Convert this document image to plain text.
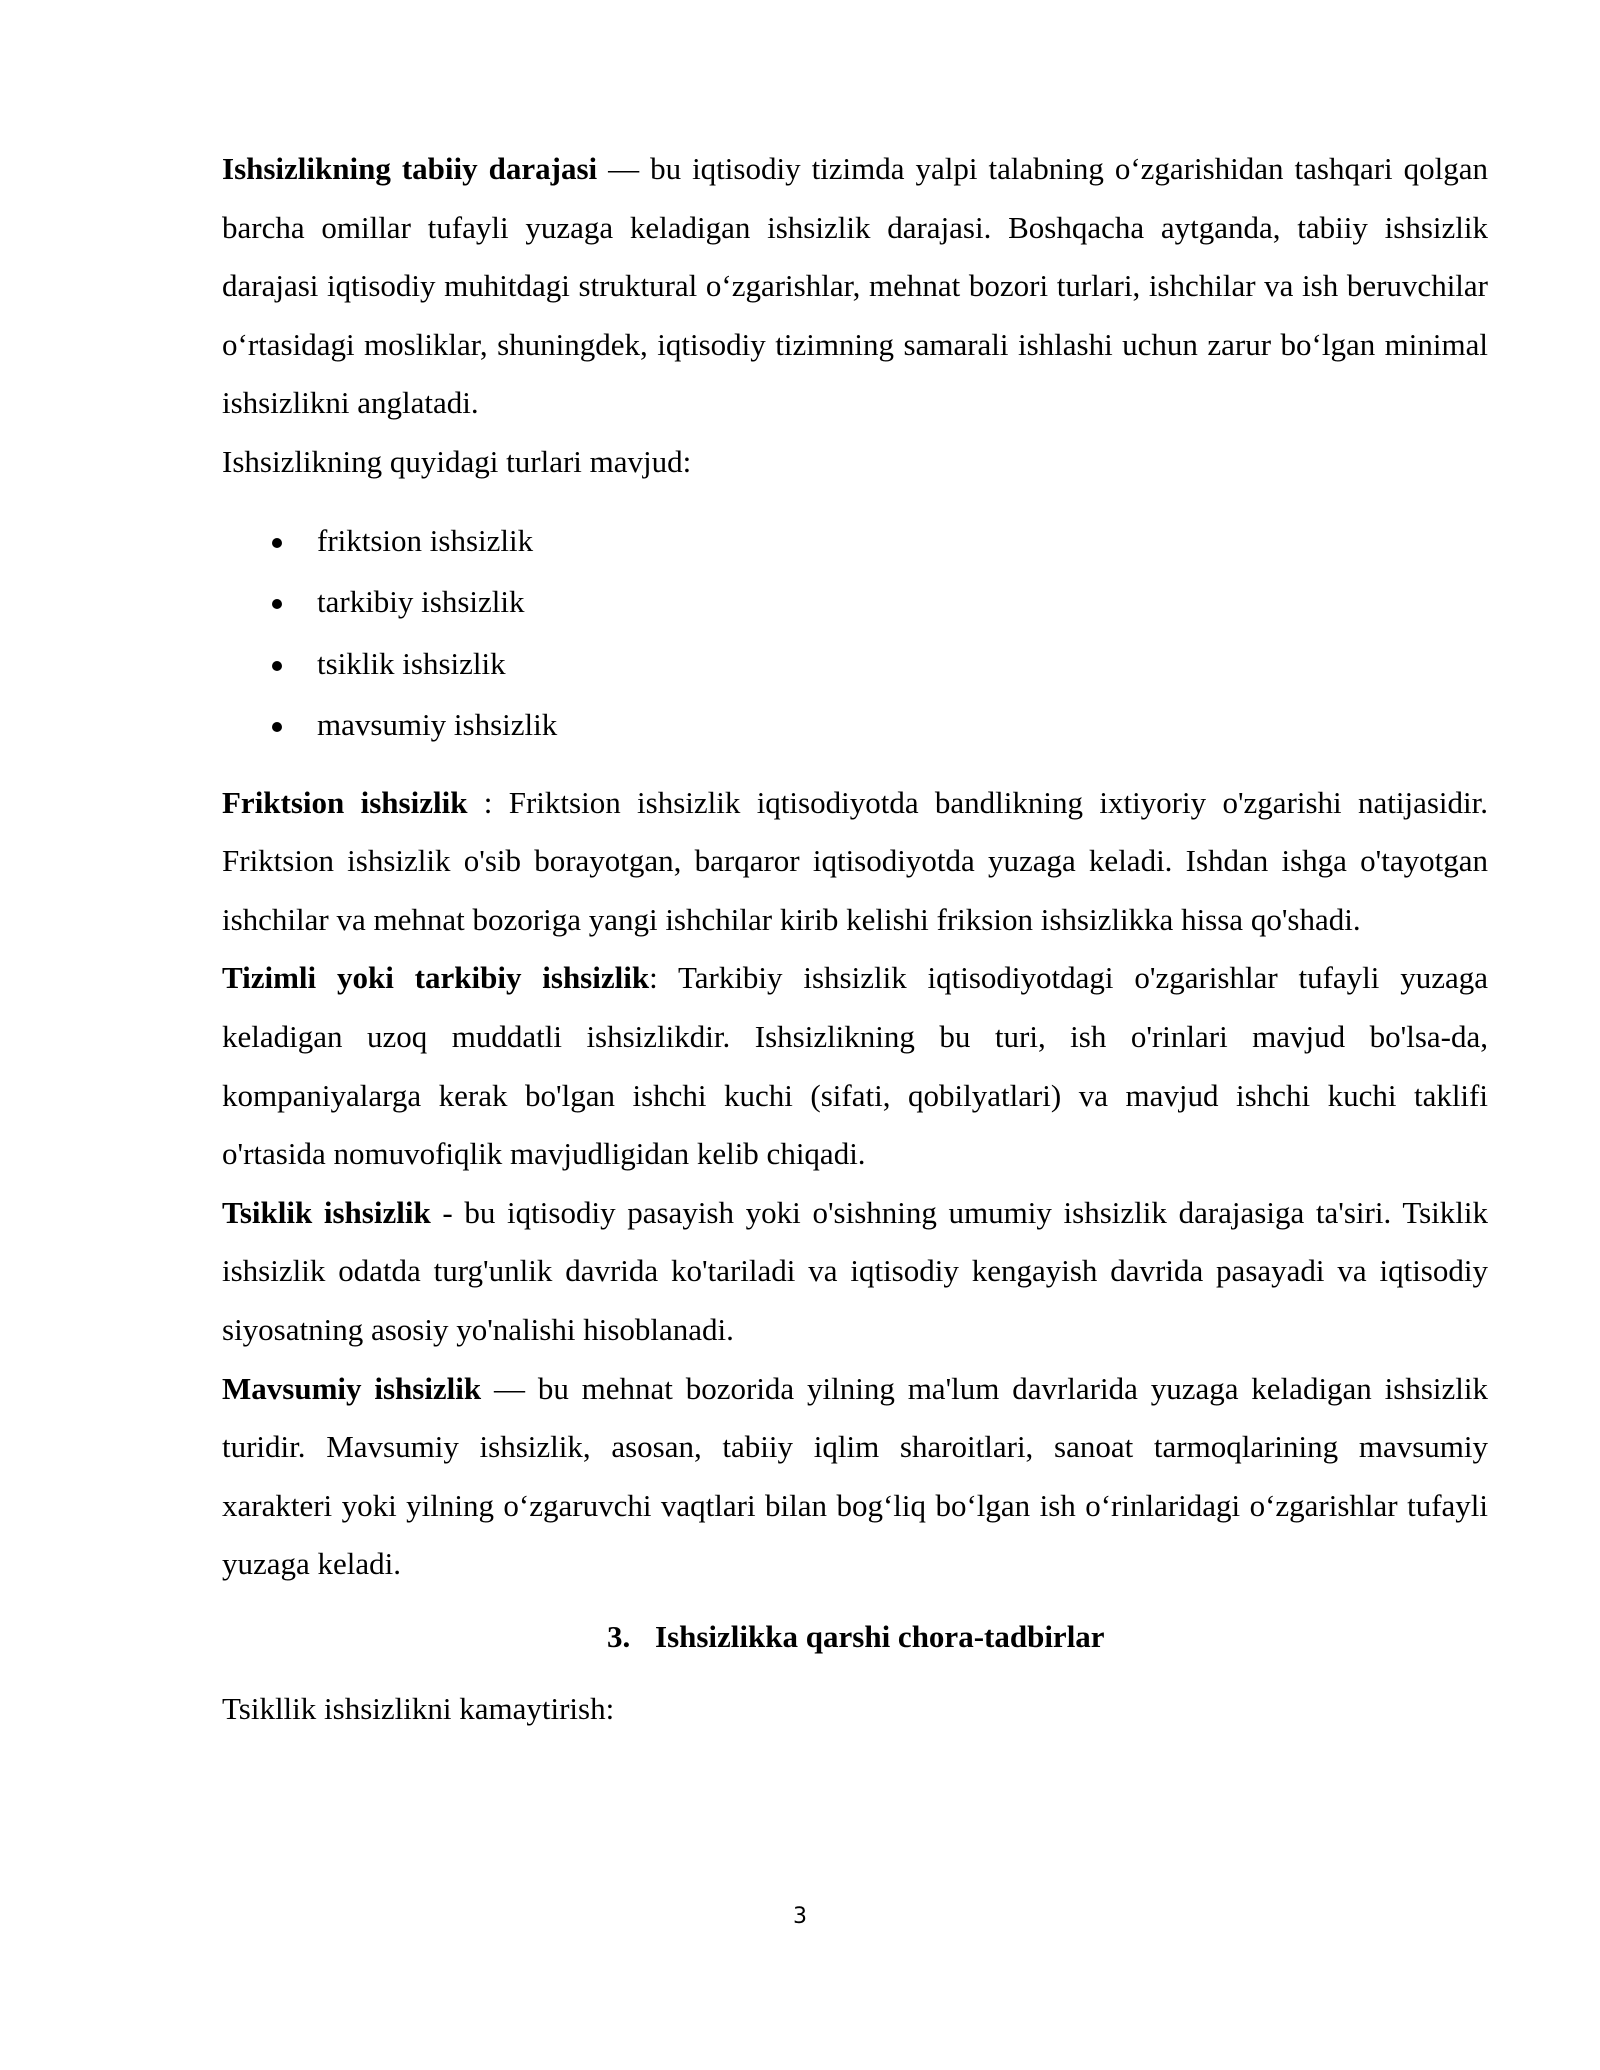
Ishsizlikning tabiiy darajasi — bu iqtisodiy tizimda yalpi talabning oʻzgarishidan tashqari qolgan barcha omillar tufayli yuzaga keladigan ishsizlik darajasi. Boshqacha aytganda, tabiiy ishsizlik darajasi iqtisodiy muhitdagi struktural oʻzgarishlar, mehnat bozori turlari, ishchilar va ish beruvchilar oʻrtasidagi mosliklar, shuningdek, iqtisodiy tizimning samarali ishlashi uchun zarur boʻlgan minimal ishsizlikni anglatadi.

Ishsizlikning quyidagi turlari mavjud:

friktsion ishsizlik
tarkibiy ishsizlik
tsiklik ishsizlik
mavsumiy ishsizlik

Friktsion ishsizlik : Friktsion ishsizlik iqtisodiyotda bandlikning ixtiyoriy o'zgarishi natijasidir. Friktsion ishsizlik o'sib borayotgan, barqaror iqtisodiyotda yuzaga keladi. Ishdan ishga o'tayotgan ishchilar va mehnat bozoriga yangi ishchilar kirib kelishi friksion ishsizlikka hissa qo'shadi.

Tizimli yoki tarkibiy ishsizlik: Tarkibiy ishsizlik iqtisodiyotdagi o'zgarishlar tufayli yuzaga keladigan uzoq muddatli ishsizlikdir. Ishsizlikning bu turi, ish o'rinlari mavjud bo'lsa-da, kompaniyalarga kerak bo'lgan ishchi kuchi (sifati, qobilyatlari) va mavjud ishchi kuchi taklifi o'rtasida nomuvofiqlik mavjudligidan kelib chiqadi.

Tsiklik ishsizlik - bu iqtisodiy pasayish yoki o'sishning umumiy ishsizlik darajasiga ta'siri. Tsiklik ishsizlik odatda turg'unlik davrida ko'tariladi va iqtisodiy kengayish davrida pasayadi va iqtisodiy siyosatning asosiy yo'nalishi hisoblanadi.

Mavsumiy ishsizlik — bu mehnat bozorida yilning ma'lum davrlarida yuzaga keladigan ishsizlik turidir. Mavsumiy ishsizlik, asosan, tabiiy iqlim sharoitlari, sanoat tarmoqlarining mavsumiy xarakteri yoki yilning oʻzgaruvchi vaqtlari bilan bogʻliq boʻlgan ish oʻrinlaridagi oʻzgarishlar tufayli yuzaga keladi.

3. Ishsizlikka qarshi chora-tadbirlar

Tsikllik ishsizlikni kamaytirish:

3
